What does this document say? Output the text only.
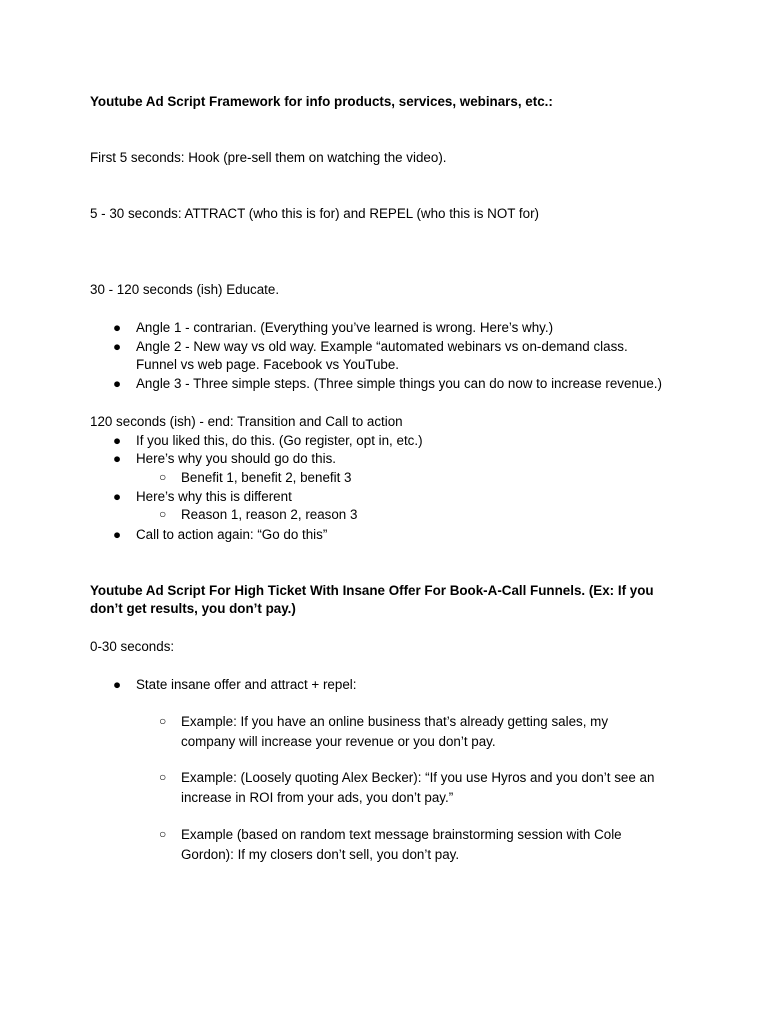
Youtube Ad Script Framework for info products, services, webinars, etc.:
First 5 seconds: Hook (pre-sell them on watching the video).
5 - 30 seconds: ATTRACT (who this is for) and REPEL (who this is NOT for)
30 - 120 seconds (ish) Educate.
● Angle 1 - contrarian. (Everything you’ve learned is wrong. Here’s why.)
● Angle 2 - New way vs old way. Example “automated webinars vs on-demand class.
Funnel vs web page. Facebook vs YouTube.
● Angle 3 - Three simple steps. (Three simple things you can do now to increase revenue.)
120 seconds (ish) - end: Transition and Call to action
● If you liked this, do this. (Go register, opt in, etc.)
● Here’s why you should go do this.
○ Benefit 1, benefit 2, benefit 3
● Here’s why this is different
○ Reason 1, reason 2, reason 3
● Call to action again: “Go do this”
Youtube Ad Script For High Ticket With Insane Offer For Book-A-Call Funnels. (Ex: If you
don’t get results, you don’t pay.)
0-30 seconds:
● State insane offer and attract + repel:
○ Example: If you have an online business that’s already getting sales, my
company will increase your revenue or you don’t pay.
○ Example: (Loosely quoting Alex Becker): “If you use Hyros and you don’t see an
increase in ROI from your ads, you don’t pay.”
○ Example (based on random text message brainstorming session with Cole
Gordon): If my closers don’t sell, you don’t pay.
